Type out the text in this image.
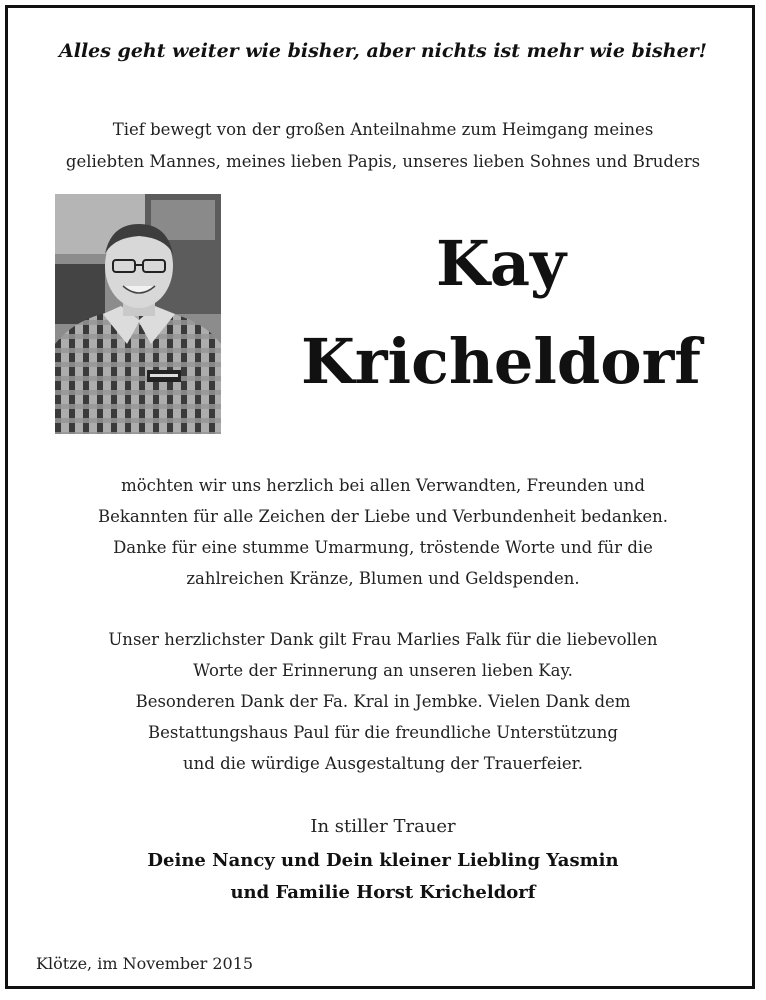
Alles geht weiter wie bisher, aber nichts ist mehr wie bisher!
Tief bewegt von der großen Anteilnahme zum Heimgang meines
geliebten Mannes, meines lieben Papis, unseres lieben Sohnes und Bruders
Kay
Kricheldorf
möchten wir uns herzlich bei allen Verwandten, Freunden und
Bekannten für alle Zeichen der Liebe und Verbundenheit bedanken.
Danke für eine stumme Umarmung, tröstende Worte und für die
zahlreichen Kränze, Blumen und Geldspenden.
Unser herzlichster Dank gilt Frau Marlies Falk für die liebevollen
Worte der Erinnerung an unseren lieben Kay.
Besonderen Dank der Fa. Kral in Jembke. Vielen Dank dem
Bestattungshaus Paul für die freundliche Unterstützung
und die würdige Ausgestaltung der Trauerfeier.
In stiller Trauer
Deine Nancy und Dein kleiner Liebling Yasmin
und Familie Horst Kricheldorf
Klötze, im November 2015
